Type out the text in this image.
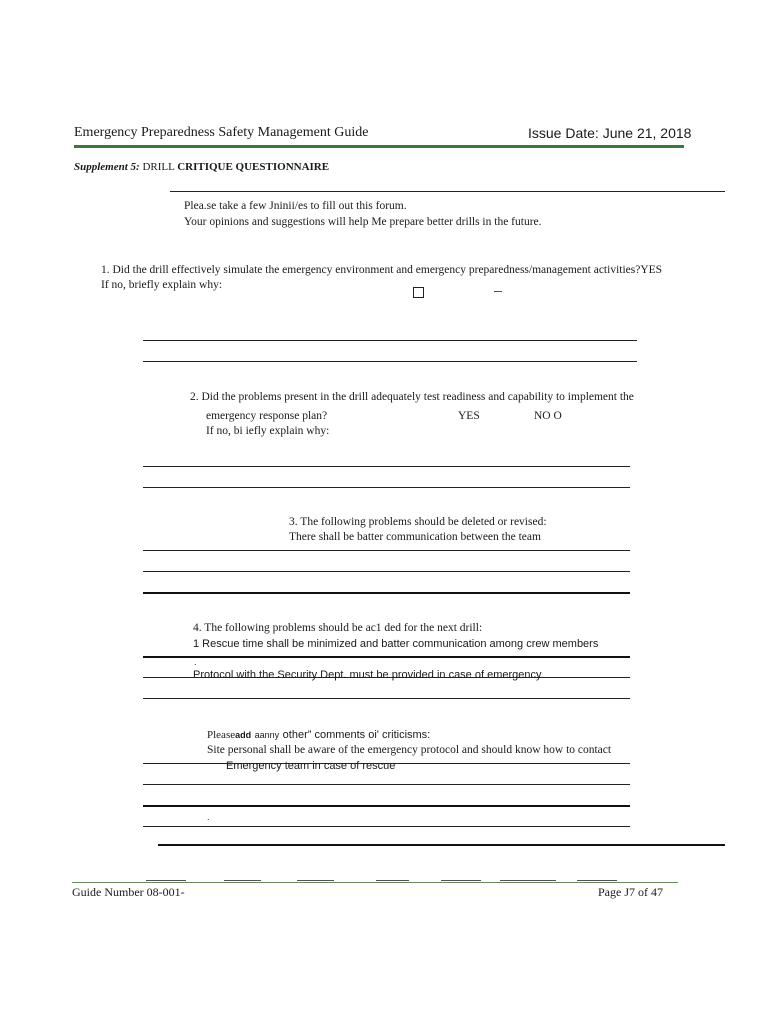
Emergency Preparedness Safety Management Guide	Issue Date: June 21, 2018
Supplement 5: DRILL CRITIQUE QUESTIONNAIRE
Plea.se take a few Jninii/es to fill out this forum.
Your opinions and suggestions will help Me prepare better drills in the future.
1. Did the drill effectively simulate the emergency environment and emergency preparedness/management activities?YES
If no, briefly explain why:
2. Did the problems present in the drill adequately test readiness and capability to implement the
emergency response plan?	YES	NO O
If no, bi iefly explain why:
3. The following problems should be deleted or revised:
There shall be batter communication between the team
4. The following problems should be ac1 ded for the next drill:
1 Rescue time shall be minimized and batter communication among crew members
.
Protocol with the Security Dept. must be provided in case of emergency.
Pleaseadd aanny other” comments oi' criticisms:
Site personal shall be aware of the emergency protocol and should know how to contact
Emergency team in case of rescue
.
Guide Number 08-001-	Page J7 of 47
